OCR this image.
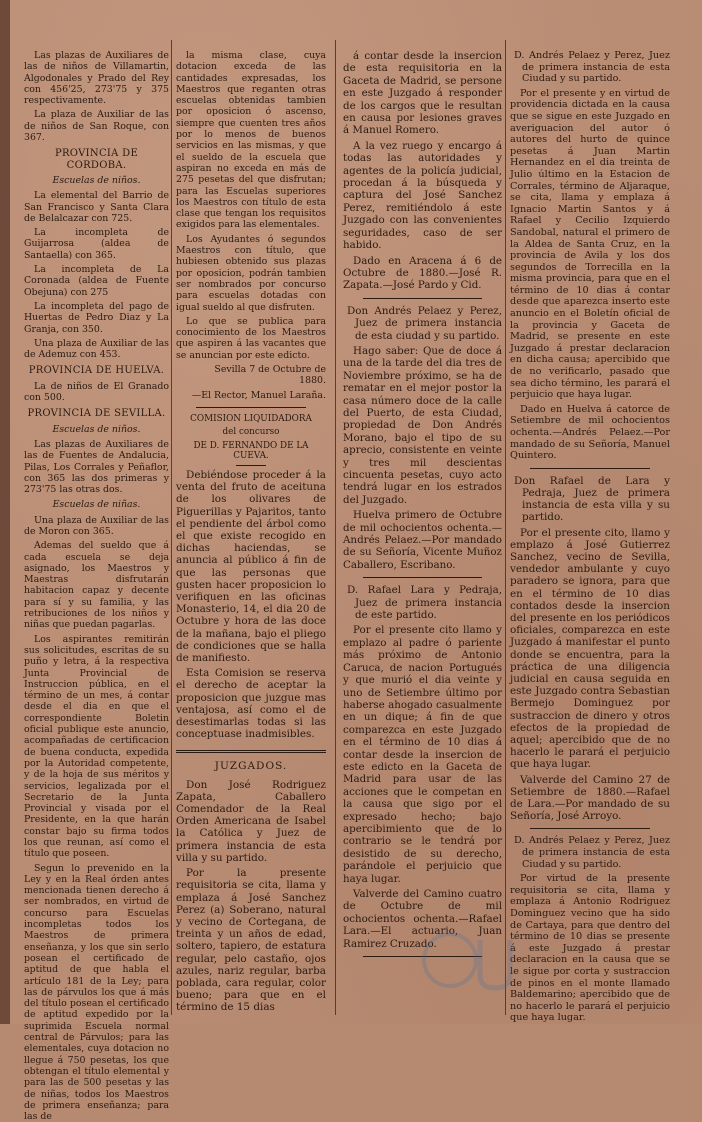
Las plazas de Auxiliares de las de niños de Villamartin, Algodonales y Prado del Rey con 456'25, 273'75 y 375 respectivamente.

La plaza de Auxiliar de las de niños de San Roque, con 367.

PROVINCIA DE CORDOBA.

Escuelas de niños.

La elemental del Barrio de San Francisco y Santa Clara de Belalcazar con 725.

La incompleta de Guijarrosa (aldea de Santaella) con 365.

La incompleta de La Coronada (aldea de Fuente Obejuna) con 275

La incompleta del pago de Huertas de Pedro Diaz y La Granja, con 350.

Una plaza de Auxiliar de las de Ademuz con 453.

PROVINCIA DE HUELVA.

La de niños de El Granado con 500.

PROVINCIA DE SEVILLA.

Escuelas de niños.

Las plazas de Auxiliares de las de Fuentes de Andalucia, Pilas, Los Corrales y Peñaflor, con 365 las dos primeras y 273'75 las otras dos.

Escuelas de niñas.

Una plaza de Auxiliar de las de Moron con 365.

Ademas del sueldo que á cada escuela se deja asignado, los Maestros y Maestras disfrutarán habitacion capaz y decente para sí y su familia, y las retribuciones de los niños y niñas que puedan pagarlas.

Los aspirantes remitirán sus solicitudes, escritas de su puño y letra, á la respectiva Junta Provincial de Instruccion pública, en el término de un mes, á contar desde el dia en que el correspondiente Boletin oficial publique este anuncio, acompañadas de certificacion de buena conducta, expedida por la Autoridad competente, y de la hoja de sus méritos y servicios, legalizada por el Secretario de la Junta Provincial y visada por el Presidente, en la que harán constar bajo su firma todos los que reunan, así como el título que poseen.

Segun lo prevenido en la Ley y en la Real órden antes mencionada tienen derecho á ser nombrados, en virtud de concurso para Escuelas incompletas todos los Maestros de primera enseñanza, y los que sin serlo posean el certificado de aptitud de que habla el artículo 181 de la Ley; para las de párvulos los que á más del título posean el certificado de aptitud expedido por la suprimida Escuela normal central de Párvulos; para las elementales, cuya dotacion no llegue á 750 pesetas, los que obtengan el título elemental y para las de 500 pesetas y las de niñas, todos los Maestros de primera enseñanza; para las de

la misma clase, cuya dotacion exceda de las cantidades expresadas, los Maestros que reganten otras escuelas obtenidas tambien por oposicion ó ascenso, siempre que cuenten tres años por lo menos de buenos servicios en las mismas, y que el sueldo de la escuela que aspiran no exceda en más de 275 pesetas del que disfrutan; para las Escuelas superiores los Maestros con título de esta clase que tengan los requisitos exigidos para las elementales.

Los Ayudantes ó segundos Maestros con título, que hubiesen obtenido sus plazas por oposicion, podrán tambien ser nombrados por concurso para escuelas dotadas con igual sueldo al que disfruten.

Lo que se publica para conocimiento de los Maestros que aspiren á las vacantes que se anuncian por este edicto.

Sevilla 7 de Octubre de 1880.

—El Rector, Manuel Laraña.

COMISION LIQUIDADORA

del concurso

DE D. FERNANDO DE LA CUEVA.

Debiéndose proceder á la venta del fruto de aceituna de los olivares de Piguerillas y Pajaritos, tanto el pendiente del árbol como el que existe recogido en dichas haciendas, se anuncia al público á fin de que las personas que gusten hacer proposicion lo verifiquen en las oficinas Monasterio, 14, el dia 20 de Octubre y hora de las doce de la mañana, bajo el pliego de condiciones que se halla de manifiesto.

Esta Comision se reserva el derecho de aceptar la proposicion que juzgue mas ventajosa, así como el de desestimarlas todas si las conceptuase inadmisibles.

JUZGADOS.

Don José Rodriguez Zapata, Caballero Comendador de la Real Orden Americana de Isabel la Católica y Juez de primera instancia de esta villa y su partido.

Por la presente requisitoria se cita, llama y emplaza á José Sanchez Perez (a) Soberano, natural y vecino de Cortegana, de treinta y un años de edad, soltero, tapiero, de estatura regular, pelo castaño, ojos azules, nariz regular, barba poblada, cara regular, color bueno; para que en el término de 15 dias

á contar desde la insercion de esta requisitoria en la Gaceta de Madrid, se persone en este Juzgado á responder de los cargos que le resultan en causa por lesiones graves á Manuel Romero.

A la vez ruego y encargo á todas las autoridades y agentes de la policía judicial, procedan á la búsqueda y captura del José Sanchez Perez, remitiéndolo á este Juzgado con las convenientes seguridades, caso de ser habido.

Dado en Aracena á 6 de Octubre de 1880.—José R. Zapata.—José Pardo y Cid.

Don Andrés Pelaez y Perez, Juez de primera instancia de esta ciudad y su partido.

Hago saber: Que de doce á una de la tarde del dia tres de Noviembre próximo, se ha de rematar en el mejor postor la casa número doce de la calle del Puerto, de esta Ciudad, propiedad de Don Andrés Morano, bajo el tipo de su aprecio, consistente en veinte y tres mil descientas cincuenta pesetas, cuyo acto tendrá lugar en los estrados del Juzgado.

Huelva primero de Octubre de mil ochocientos ochenta.—Andrés Pelaez.—Por mandado de su Señoría, Vicente Muñoz Caballero, Escribano.

D. Rafael Lara y Pedraja, Juez de primera instancia de este partido.

Por el presente cito llamo y emplazo al padre ó pariente más próximo de Antonio Caruca, de nacion Portugués y que murió el dia veinte y uno de Setiembre último por haberse ahogado casualmente en un dique; á fin de que comparezca en este Juzgado en el término de 10 dias á contar desde la insercion de este edicto en la Gaceta de Madrid para usar de las acciones que le competan en la causa que sigo por el expresado hecho; bajo apercibimiento que de lo contrario se le tendrá por desistido de su derecho, parándole el perjuicio que haya lugar.

Valverde del Camino cuatro de Octubre de mil ochocientos ochenta.—Rafael Lara.—El actuario, Juan Ramirez Cruzado.

D. Andrés Pelaez y Perez, Juez de primera instancia de esta Ciudad y su partido.

Por el presente y en virtud de providencia dictada en la causa que se sigue en este Juzgado en averiguacion del autor ó autores del hurto de quince pesetas á Juan Martin Hernandez en el dia treinta de Julio último en la Estacion de Corrales, término de Aljaraque, se cita, llama y emplaza á Ignacio Martin Santos y á Rafael y Cecilio Izquierdo Sandobal, natural el primero de la Aldea de Santa Cruz, en la provincia de Avila y los dos segundos de Torrecilla en la misma provincia, para que en el término de 10 dias á contar desde que aparezca inserto este anuncio en el Boletín oficial de la provincia y Gaceta de Madrid, se presente en este Juzgado á prestar declaracion en dicha causa; apercibido que de no verificarlo, pasado que sea dicho término, les parará el perjuicio que haya lugar.

Dado en Huelva á catorce de Setiembre de mil ochocientos ochenta.—Andrés Pelaez.—Por mandado de su Señoría, Manuel Quintero.

Don Rafael de Lara y Pedraja, Juez de primera instancia de esta villa y su partido.

Por el presente cito, llamo y emplazo á José Gutierrez Sanchez, vecino de Sevilla, vendedor ambulante y cuyo paradero se ignora, para que en el término de 10 dias contados desde la insercion del presente en los periódicos oficiales, comparezca en este Juzgado á manifestar el punto donde se encuentra, para la práctica de una diligencia judicial en causa seguida en este Juzgado contra Sebastian Bermejo Dominguez por sustraccion de dinero y otros efectos de la propiedad de aquel; apercibido que de no hacerlo le parará el perjuicio que haya lugar.

Valverde del Camino 27 de Setiembre de 1880.—Rafael de Lara.—Por mandado de su Señoría, José Arroyo.

D. Andrés Pelaez y Perez, Juez de primera instancia de esta Ciudad y su partido.

Por virtud de la presente requisitoria se cita, llama y emplaza á Antonio Rodriguez Dominguez vecino que ha sido de Cartaya, para que dentro del término de 10 dias se presente á este Juzgado á prestar declaracion en la causa que se le sigue por corta y sustraccion de pinos en el monte llamado Baldemarino; apercibido que de no hacerlo le parará el perjuicio que haya lugar.
